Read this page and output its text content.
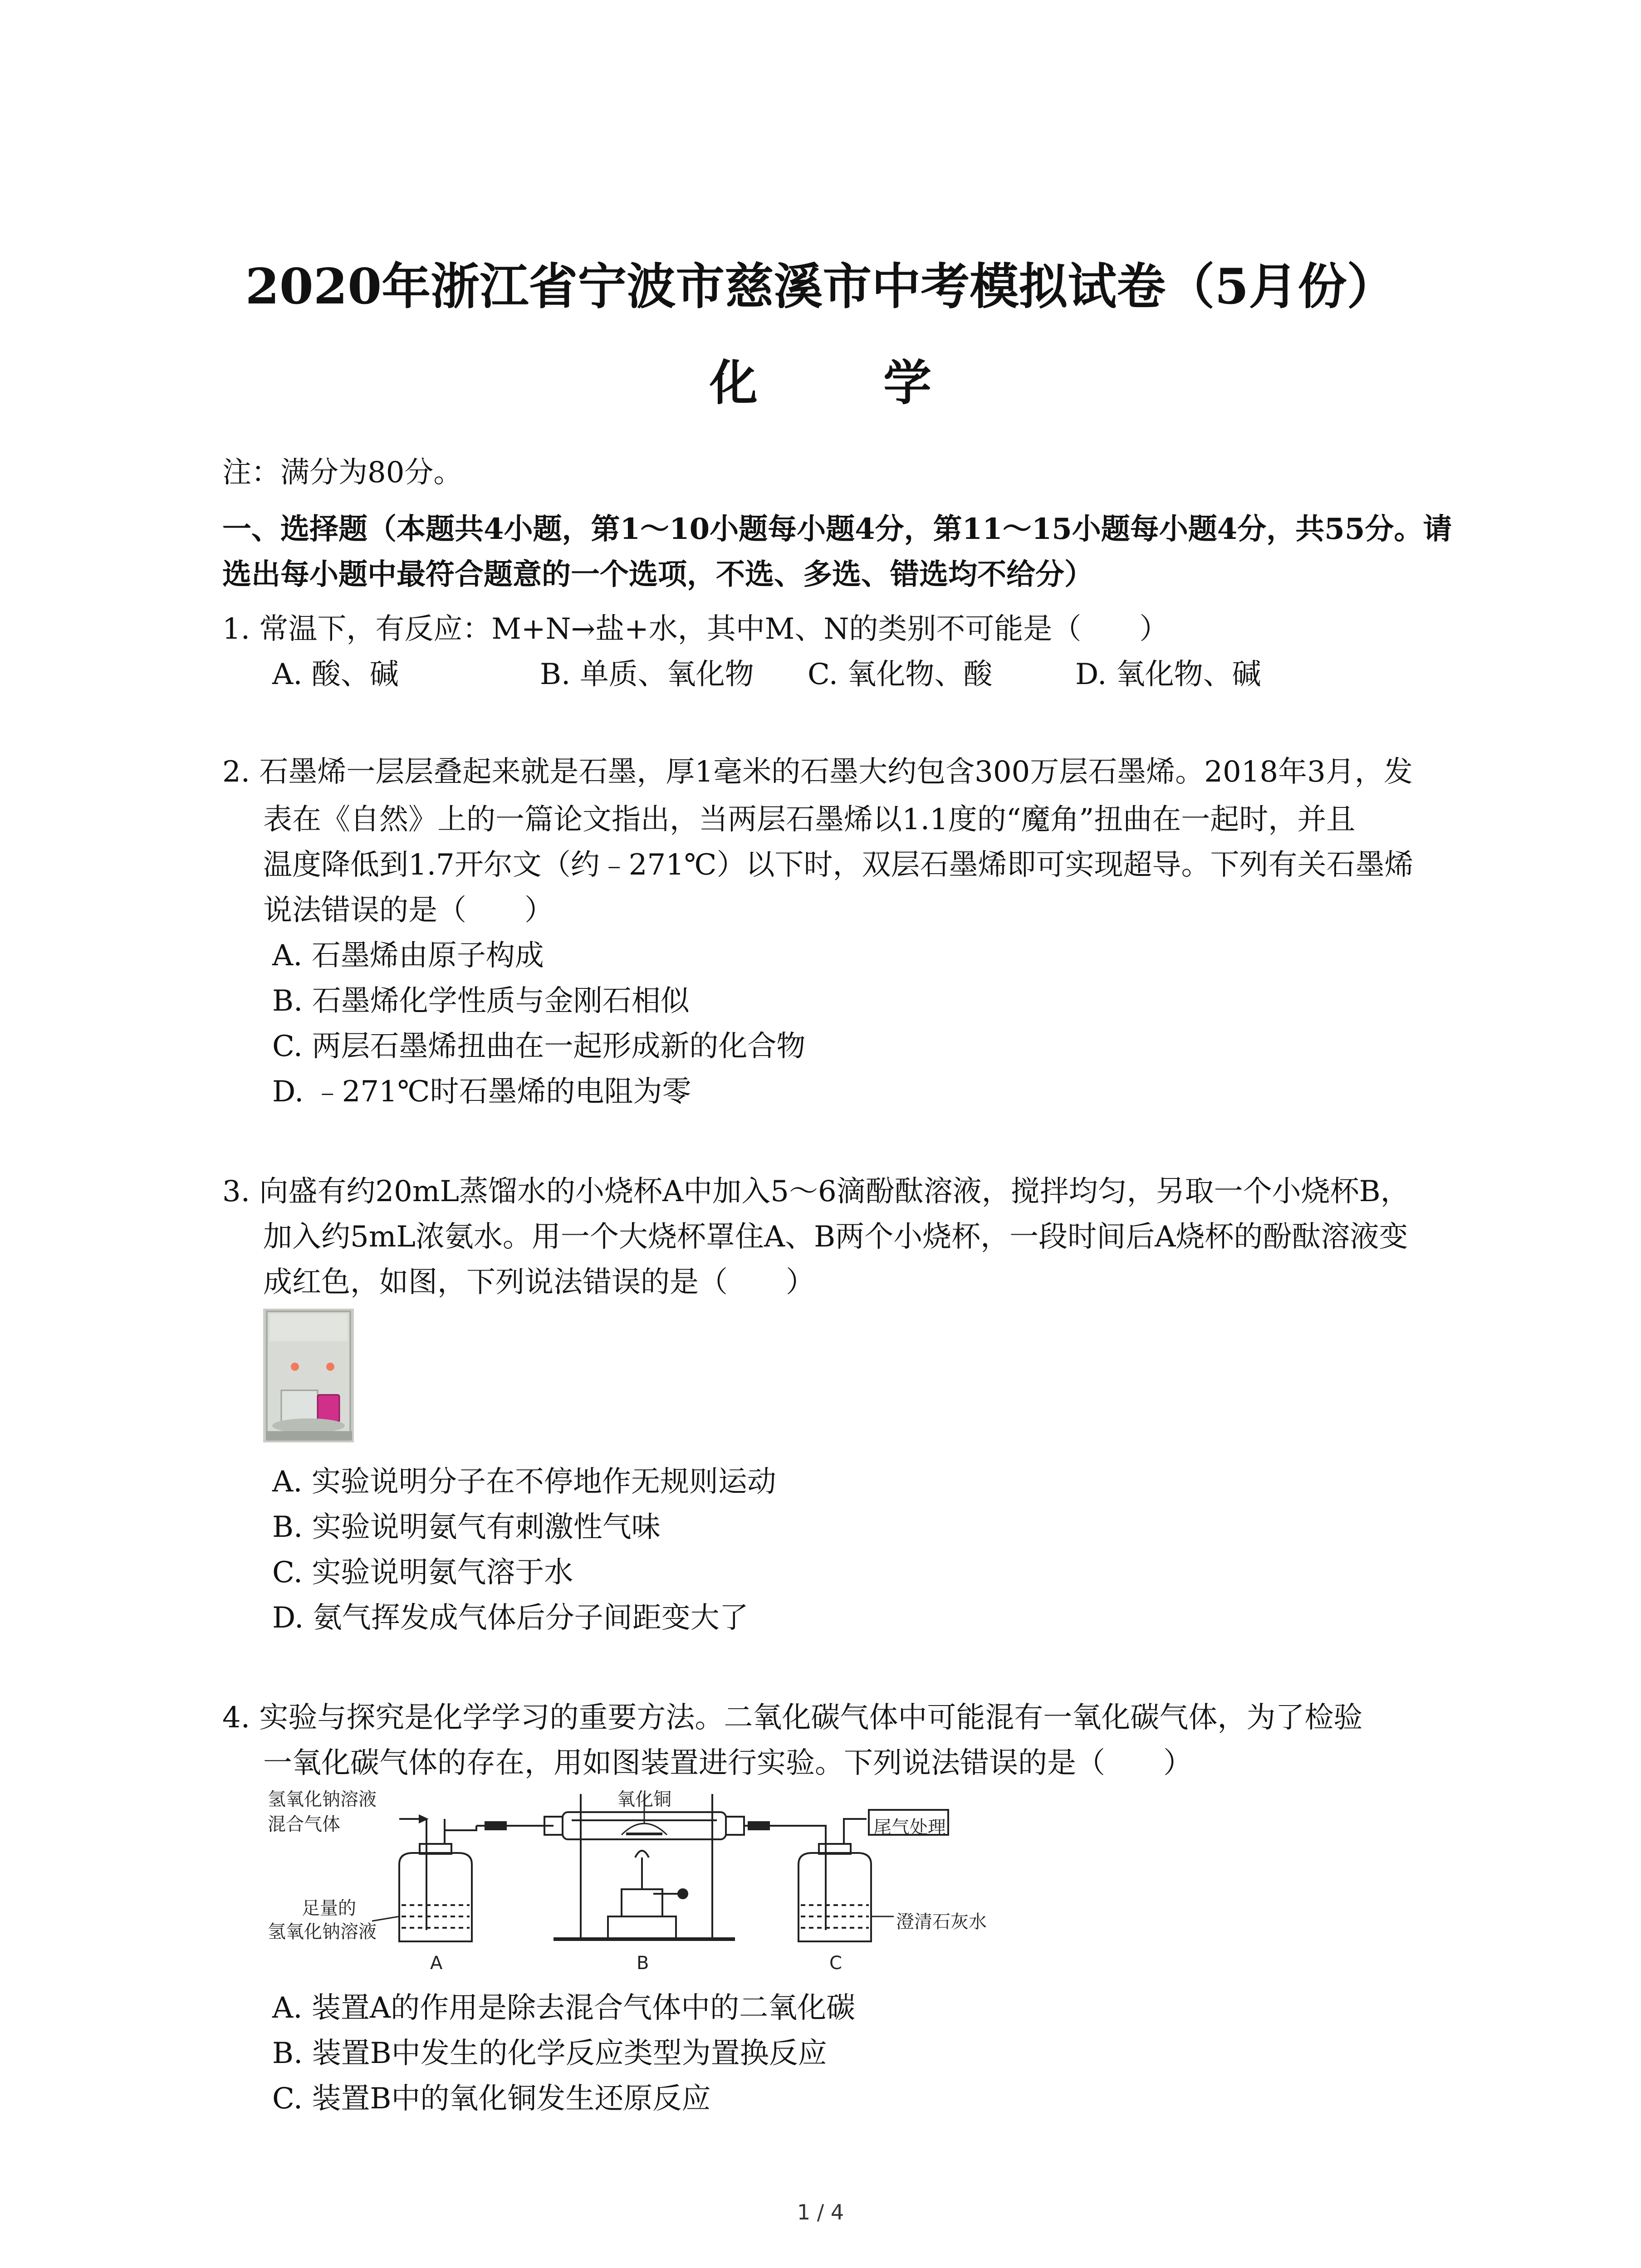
2020年浙江省宁波市慈溪市中考模拟试卷（5月份）
化 学
注：满分为80分。
一、选择题（本题共4小题，第1～10小题每小题4分，第11～15小题每小题4分，共55分。请
选出每小题中最符合题意的一个选项，不选、多选、错选均不给分）
1. 常温下，有反应：M+N→盐+水，其中M、N的类别不可能是（　　）
A. 酸、碱	B. 单质、氧化物 C. 氧化物、酸	D. 氧化物、碱
2. 石墨烯一层层叠起来就是石墨，厚1毫米的石墨大约包含300万层石墨烯。2018年3月，发
表在《自然》上的一篇论文指出，当两层石墨烯以1.1度的“魔角”扭曲在一起时，并且
温度降低到1.7开尔文（约﹣271℃）以下时，双层石墨烯即可实现超导。下列有关石墨烯
说法错误的是（　　）
A. 石墨烯由原子构成
B. 石墨烯化学性质与金刚石相似
C. 两层石墨烯扭曲在一起形成新的化合物
D. ﹣271℃时石墨烯的电阻为零
3. 向盛有约20mL蒸馏水的小烧杯A中加入5～6滴酚酞溶液，搅拌均匀，另取一个小烧杯B，
加入约5mL浓氨水。用一个大烧杯罩住A、B两个小烧杯，一段时间后A烧杯的酚酞溶液变
成红色，如图，下列说法错误的是（　　）
A. 实验说明分子在不停地作无规则运动
B. 实验说明氨气有刺激性气味
C. 实验说明氨气溶于水
D. 氨气挥发成气体后分子间距变大了
4. 实验与探究是化学学习的重要方法。二氧化碳气体中可能混有一氧化碳气体，为了检验
一氧化碳气体的存在，用如图装置进行实验。下列说法错误的是（　　）
氢氧化钠溶液
混合气体
氧化铜
尾气处理
足量的
氢氧化钠溶液	澄清石灰水
A	B	C
A. 装置A的作用是除去混合气体中的二氧化碳
B. 装置B中发生的化学反应类型为置换反应
C. 装置B中的氧化铜发生还原反应
1 / 4
